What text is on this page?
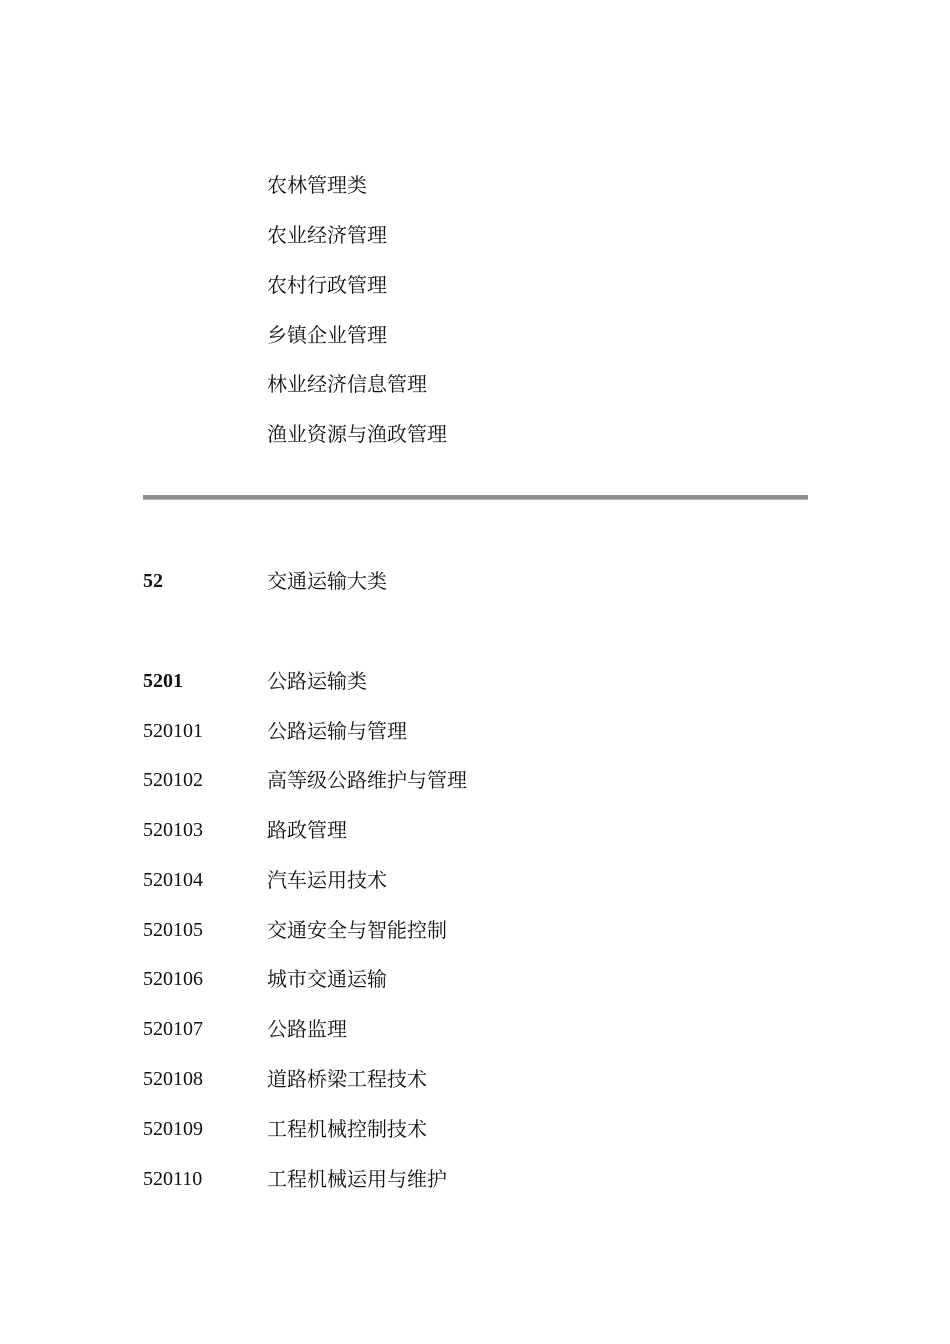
农林管理类
农业经济管理
农村行政管理
乡镇企业管理
林业经济信息管理
渔业资源与渔政管理
52	交通运输大类
5201	公路运输类
520101	公路运输与管理
520102	高等级公路维护与管理
520103	路政管理
520104	汽车运用技术
520105	交通安全与智能控制
520106	城市交通运输
520107	公路监理
520108	道路桥梁工程技术
520109	工程机械控制技术
520110	工程机械运用与维护
